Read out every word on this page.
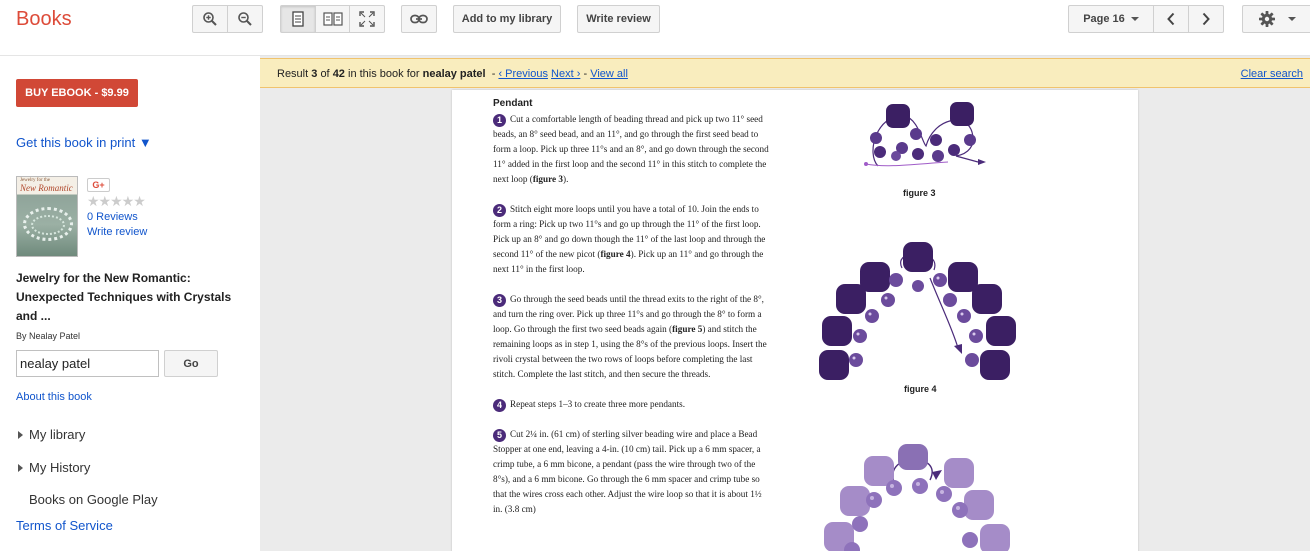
Books	Add to my library	Write review	Page 16
BUY EBOOK - $9.99
Get this book in print ▼
Jewelry for the
New Romantic	G+
★★★★★
0 Reviews
Write review
Jewelry for the New Romantic: Unexpected Techniques with Crystals and ...
By Nealay Patel
nealay patel
Go
About this book
My library
My History
Books on Google Play
Terms of Service
Result 3 of 42 in this book for nealay patel - ‹ Previous Next › - View all	Clear search
Pendant

1 Cut a comfortable length of beading thread and pick up two 11° seed beads, an 8° seed bead, and an 11°, and go through the first seed bead to form a loop. Pick up three 11°s and an 8°, and go down through the second 11° added in the first loop and the second 11° in this stitch to complete the next loop (figure 3).

2 Stitch eight more loops until you have a total of 10. Join the ends to form a ring: Pick up two 11°s and go up through the 11° of the first loop. Pick up an 8° and go down though the 11° of the last loop and through the second 11° of the new picot (figure 4). Pick up an 11° and go through the next 11° in the first loop.

3 Go through the seed beads until the thread exits to the right of the 8°, and turn the ring over. Pick up three 11°s and go through the 8° to form a loop. Go through the first two seed beads again (figure 5) and stitch the remaining loops as in step 1, using the 8°s of the previous loops. Insert the rivoli crystal between the two rows of loops before completing the last stitch. Complete the last stitch, and then secure the threads.

4 Repeat steps 1–3 to create three more pendants.

5 Cut 2¼ in. (61 cm) of sterling silver beading wire and place a Bead Stopper at one end, leaving a 4-in. (10 cm) tail. Pick up a 6 mm spacer, a crimp tube, a 6 mm bicone, a pendant (pass the wire through two of the 8°s), and a 6 mm bicone. Go through the 6 mm spacer and crimp tube so that the wires cross each other. Adjust the wire loop so that it is about 1½ in. (3.8 cm)

figure 3
figure 4
